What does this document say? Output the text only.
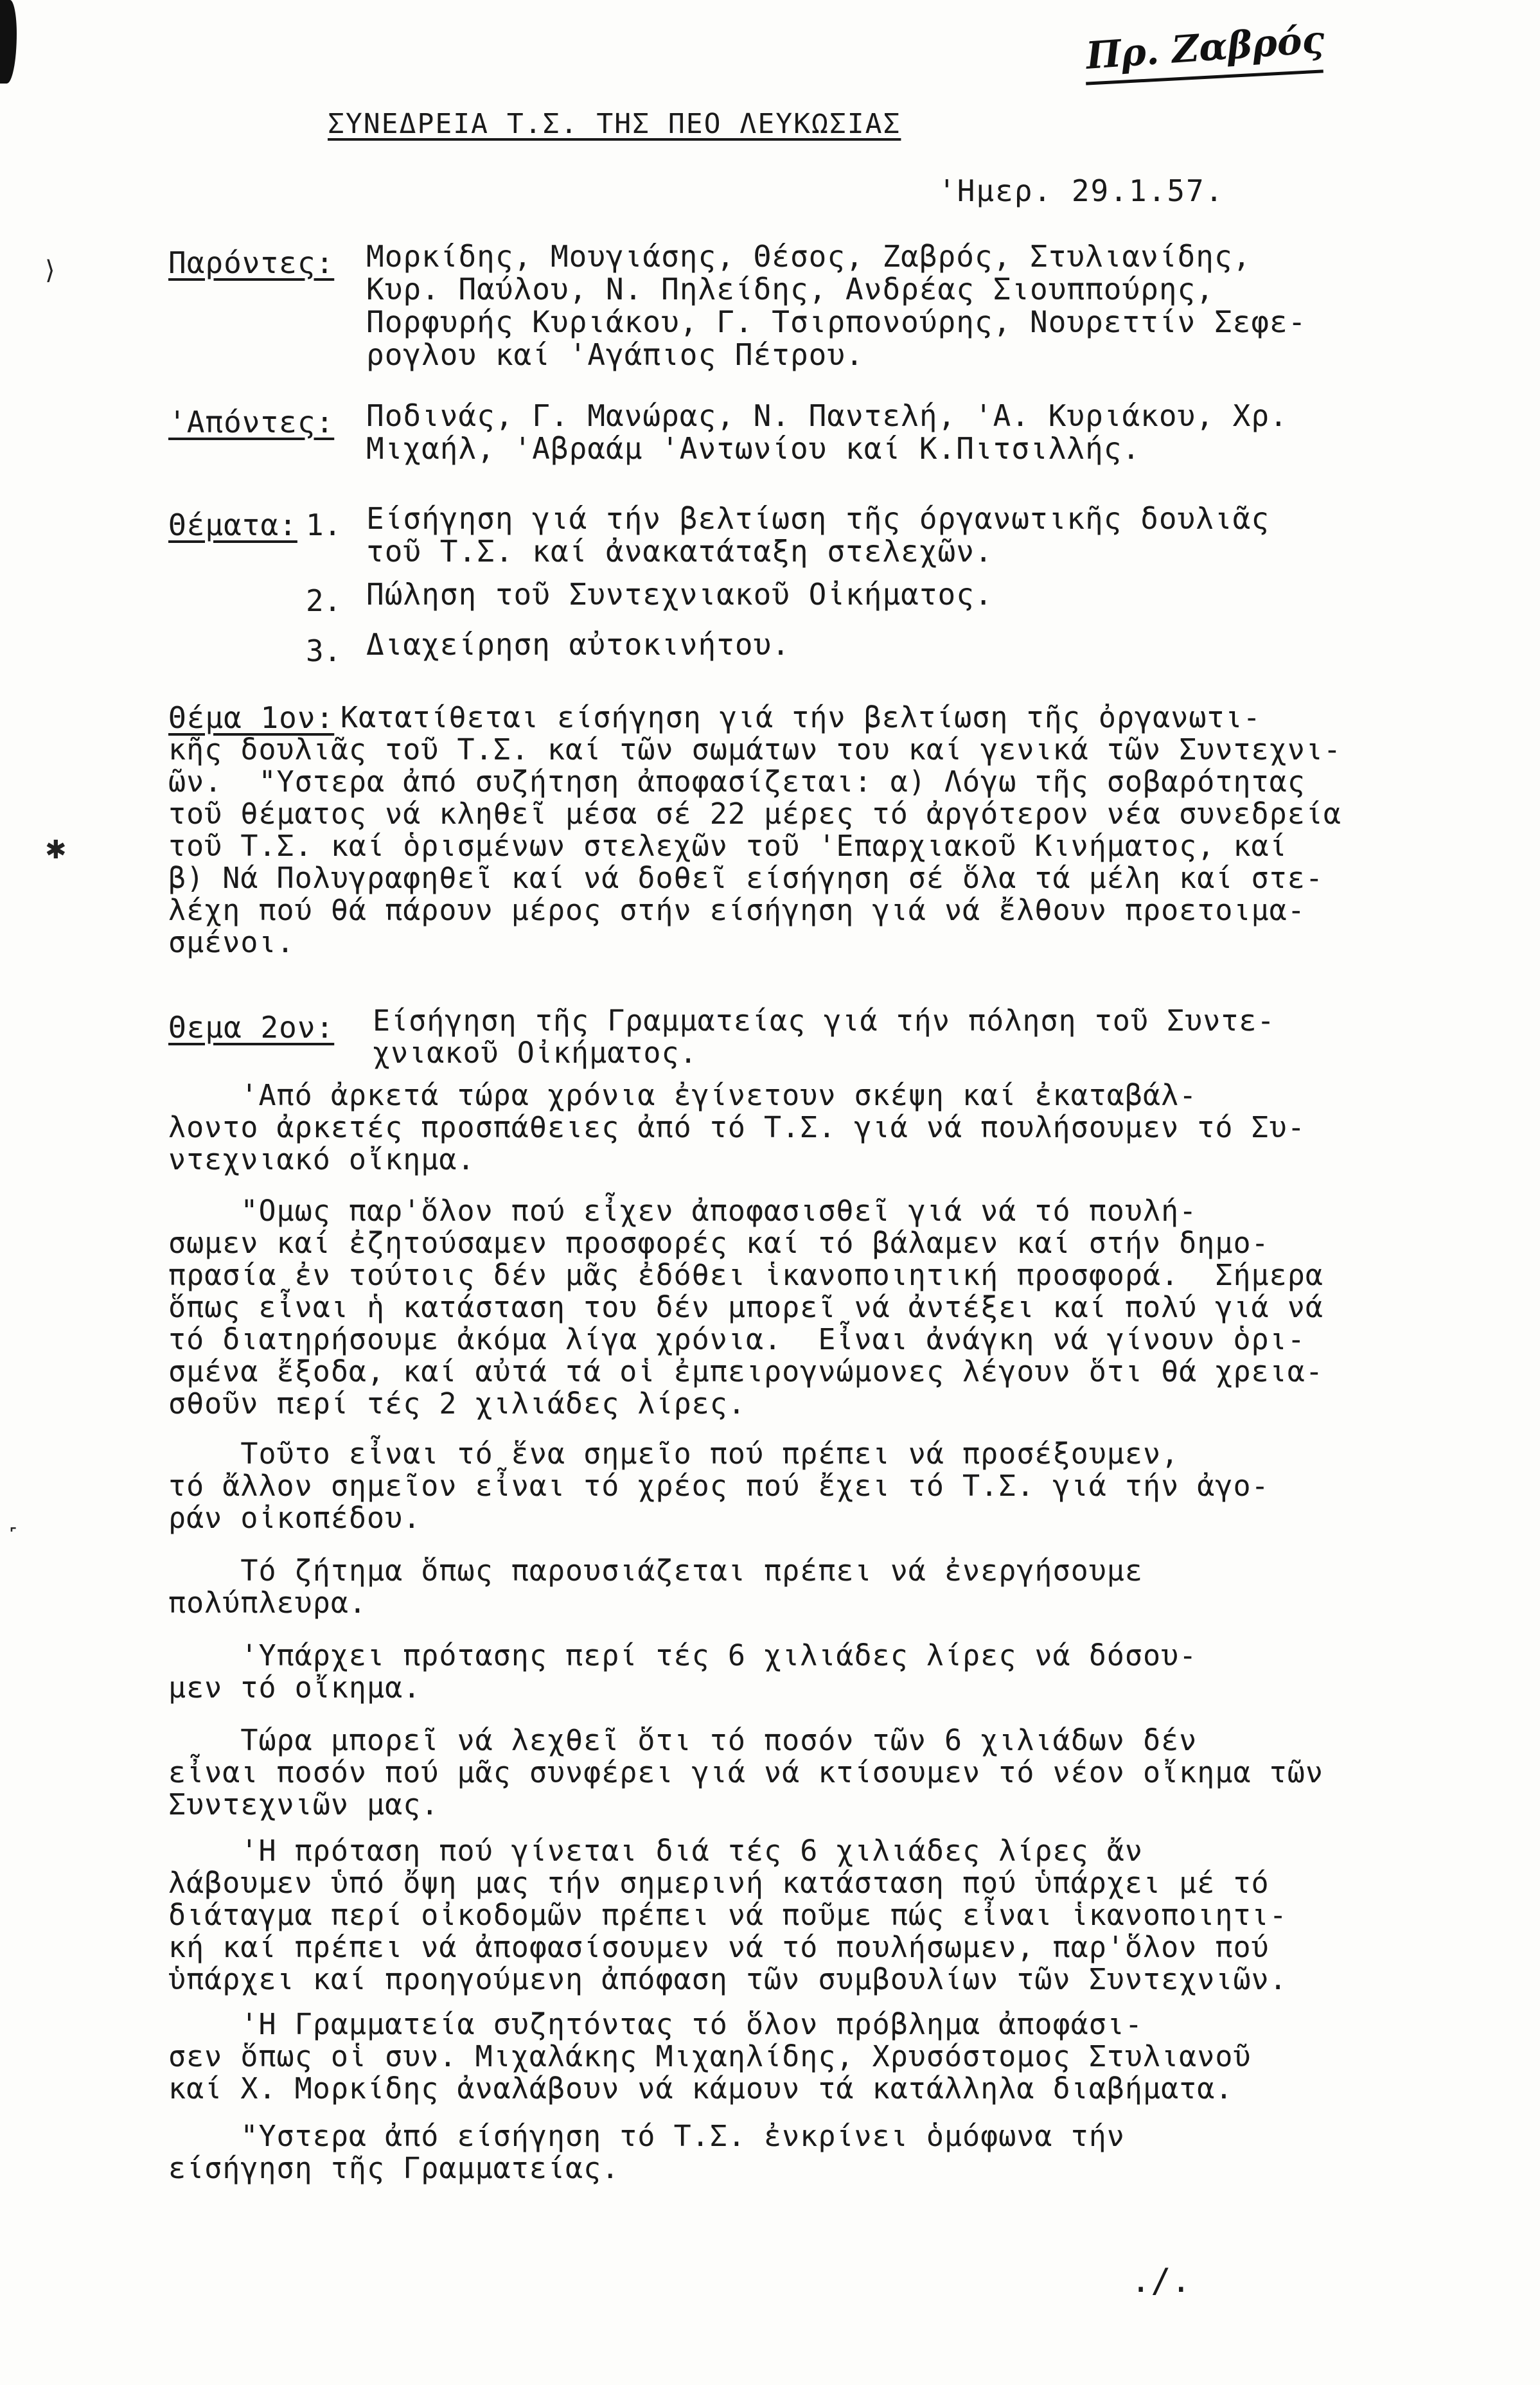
Πρ. Ζαβρός
ΣΥΝΕΔΡΕΙΑ Τ.Σ. ΤΗΣ ΠΕΟ ΛΕΥΚΩΣΙΑΣ
'Ημερ. 29.1.57.
Παρόντες: Μορκίδης, Μουγιάσης, Θέσος, Ζαβρός, Στυλιανίδης,
Κυρ. Παύλου, Ν. Πηλείδης, Ανδρέας Σιουππούρης,
Πορφυρής Κυριάκου, Γ. Τσιρπονούρης, Νουρεττίν Σεφε-
ρογλου καί 'Αγάπιος Πέτρου.
'Απόντες: Ποδινάς, Γ. Μανώρας, Ν. Παντελή, 'Α. Κυριάκου, Χρ.
Μιχαήλ, 'Αβραάμ 'Αντωνίου καί Κ.Πιτσιλλής.
Θέματα: 1. Είσήγηση γιά τήν βελτίωση τῆς όργανωτικῆς δουλιᾶς
τοῦ Τ.Σ. καί ἀνακατάταξη στελεχῶν.
2. Πώληση τοῦ Συντεχνιακοῦ Οἰκήματος.
3. Διαχείρηση αὐτοκινήτου.
Θέμα 1ον: Κατατίθεται είσήγηση γιά τήν βελτίωση τῆς ὀργανωτι-
κῆς δουλιᾶς τοῦ Τ.Σ. καί τῶν σωμάτων του καί γενικά τῶν Συντεχνι-
ῶν.  "Υστερα ἀπό συζήτηση ἀποφασίζεται: α) Λόγω τῆς σοβαρότητας
τοῦ θέματος νά κληθεῖ μέσα σέ 22 μέρες τό ἀργότερον νέα συνεδρεία
τοῦ Τ.Σ. καί ὁρισμένων στελεχῶν τοῦ 'Επαρχιακοῦ Κινήματος, καί
β) Νά Πολυγραφηθεῖ καί νά δοθεῖ είσήγηση σέ ὅλα τά μέλη καί στε-
λέχη πού θά πάρουν μέρος στήν είσήγηση γιά νά ἔλθουν προετοιμα-
σμένοι.
Θεμα 2ον: Είσήγηση τῆς Γραμματείας γιά τήν πόληση τοῦ Συντε-
χνιακοῦ Οἰκήματος.
'Από ἀρκετά τώρα χρόνια ἐγίνετουν σκέψη καί ἐκαταβάλ-
λοντο ἀρκετές προσπάθειες ἀπό τό Τ.Σ. γιά νά πουλήσουμεν τό Συ-
ντεχνιακό οἴκημα.
"Ομως παρ'ὅλον πού εἶχεν ἀποφασισθεῖ γιά νά τό πουλή-
σωμεν καί ἐζητούσαμεν προσφορές καί τό βάλαμεν καί στήν δημο-
πρασία ἐν τούτοις δέν μᾶς ἐδόθει ἱκανοποιητική προσφορά.  Σήμερα
ὅπως εἶναι ἡ κατάσταση του δέν μπορεῖ νά ἀντέξει καί πολύ γιά νά
τό διατηρήσουμε ἀκόμα λίγα χρόνια.  Εἶναι ἀνάγκη νά γίνουν ὁρι-
σμένα ἔξοδα, καί αὐτά τά οἱ ἐμπειρογνώμονες λέγουν ὅτι θά χρεια-
σθοῦν περί τές 2 χιλιάδες λίρες.
Τοῦτο εἶναι τό ἕνα σημεῖο πού πρέπει νά προσέξουμεν,
τό ἄλλον σημεῖον εἶναι τό χρέος πού ἔχει τό Τ.Σ. γιά τήν ἀγο-
ράν οἰκοπέδου.
Τό ζήτημα ὅπως παρουσιάζεται πρέπει νά ἐνεργήσουμε
πολύπλευρα.
'Υπάρχει πρότασης περί τές 6 χιλιάδες λίρες νά δόσου-
μεν τό οἴκημα.
Τώρα μπορεῖ νά λεχθεῖ ὅτι τό ποσόν τῶν 6 χιλιάδων δέν
εἶναι ποσόν πού μᾶς συνφέρει γιά νά κτίσουμεν τό νέον οἴκημα τῶν
Συντεχνιῶν μας.
'Η πρόταση πού γίνεται διά τές 6 χιλιάδες λίρες ἄν
λάβουμεν ὑπό ὄψη μας τήν σημερινή κατάσταση πού ὑπάρχει μέ τό
διάταγμα περί οἰκοδομῶν πρέπει νά ποῦμε πώς εἶναι ἱκανοποιητι-
κή καί πρέπει νά ἀποφασίσουμεν νά τό πουλήσωμεν, παρ'ὅλον πού
ὑπάρχει καί προηγούμενη ἀπόφαση τῶν συμβουλίων τῶν Συντεχνιῶν.
'Η Γραμματεία συζητόντας τό ὅλον πρόβλημα ἀποφάσι-
σεν ὅπως οἱ συν. Μιχαλάκης Μιχαηλίδης, Χρυσόστομος Στυλιανοῦ
καί Χ. Μορκίδης ἀναλάβουν νά κάμουν τά κατάλληλα διαβήματα.
"Υστερα ἀπό είσήγηση τό Τ.Σ. ἐνκρίνει ὁμόφωνα τήν
είσήγηση τῆς Γραμματείας.
./.
⟩
✱
˹
